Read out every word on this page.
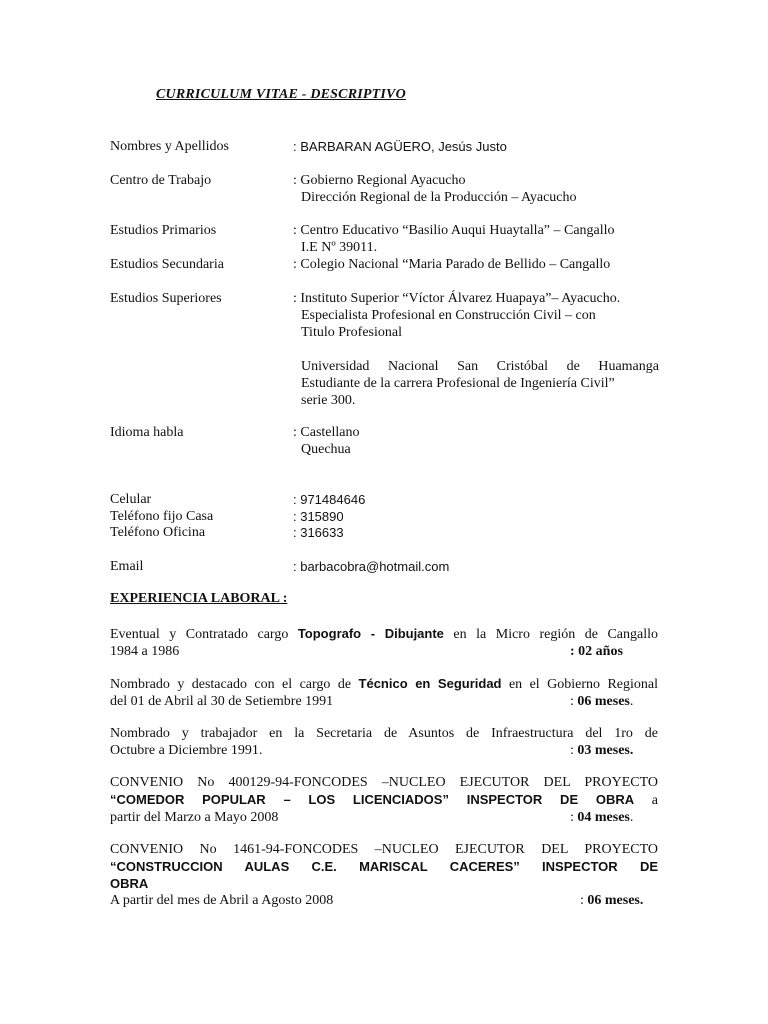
CURRICULUM VITAE - DESCRIPTIVO
Nombres y Apellidos	: BARBARAN AGÜERO, Jesús Justo
Centro de Trabajo	: Gobierno Regional Ayacucho
Dirección Regional de la Producción – Ayacucho
Estudios Primarios	: Centro Educativo “Basilio Auqui Huaytalla” – Cangallo
I.E Nº 39011.
Estudios Secundaria	: Colegio Nacional “Maria Parado de Bellido – Cangallo
Estudios Superiores	: Instituto Superior “Víctor Álvarez Huapaya”– Ayacucho.
Especialista Profesional en Construcción Civil – con
Titulo Profesional
Universidad Nacional San Cristóbal de Huamanga
Estudiante de la carrera Profesional de Ingeniería Civil”
serie 300.
Idioma habla	: Castellano
Quechua
Celular	: 971484646
Teléfono fijo Casa	: 315890
Teléfono Oficina	: 316633
Email	: barbacobra@hotmail.com
EXPERIENCIA LABORAL :
Eventual y Contratado cargo Topografo - Dibujante en la Micro región de Cangallo
1984 a 1986	: 02 años
Nombrado y destacado con el cargo de Técnico en Seguridad en el Gobierno Regional
del 01 de Abril al 30 de Setiembre 1991	: 06 meses.
Nombrado y trabajador en la Secretaria de Asuntos de Infraestructura del 1ro de
Octubre a Diciembre 1991.	: 03 meses.
CONVENIO No 400129-94-FONCODES –NUCLEO EJECUTOR DEL PROYECTO
“COMEDOR POPULAR – LOS LICENCIADOS” INSPECTOR DE OBRA a
partir del Marzo a Mayo 2008	: 04 meses.
CONVENIO No 1461-94-FONCODES –NUCLEO EJECUTOR DEL PROYECTO
“CONSTRUCCION AULAS C.E. MARISCAL CACERES” INSPECTOR DE
OBRA
A partir del mes de Abril a Agosto 2008	: 06 meses.
